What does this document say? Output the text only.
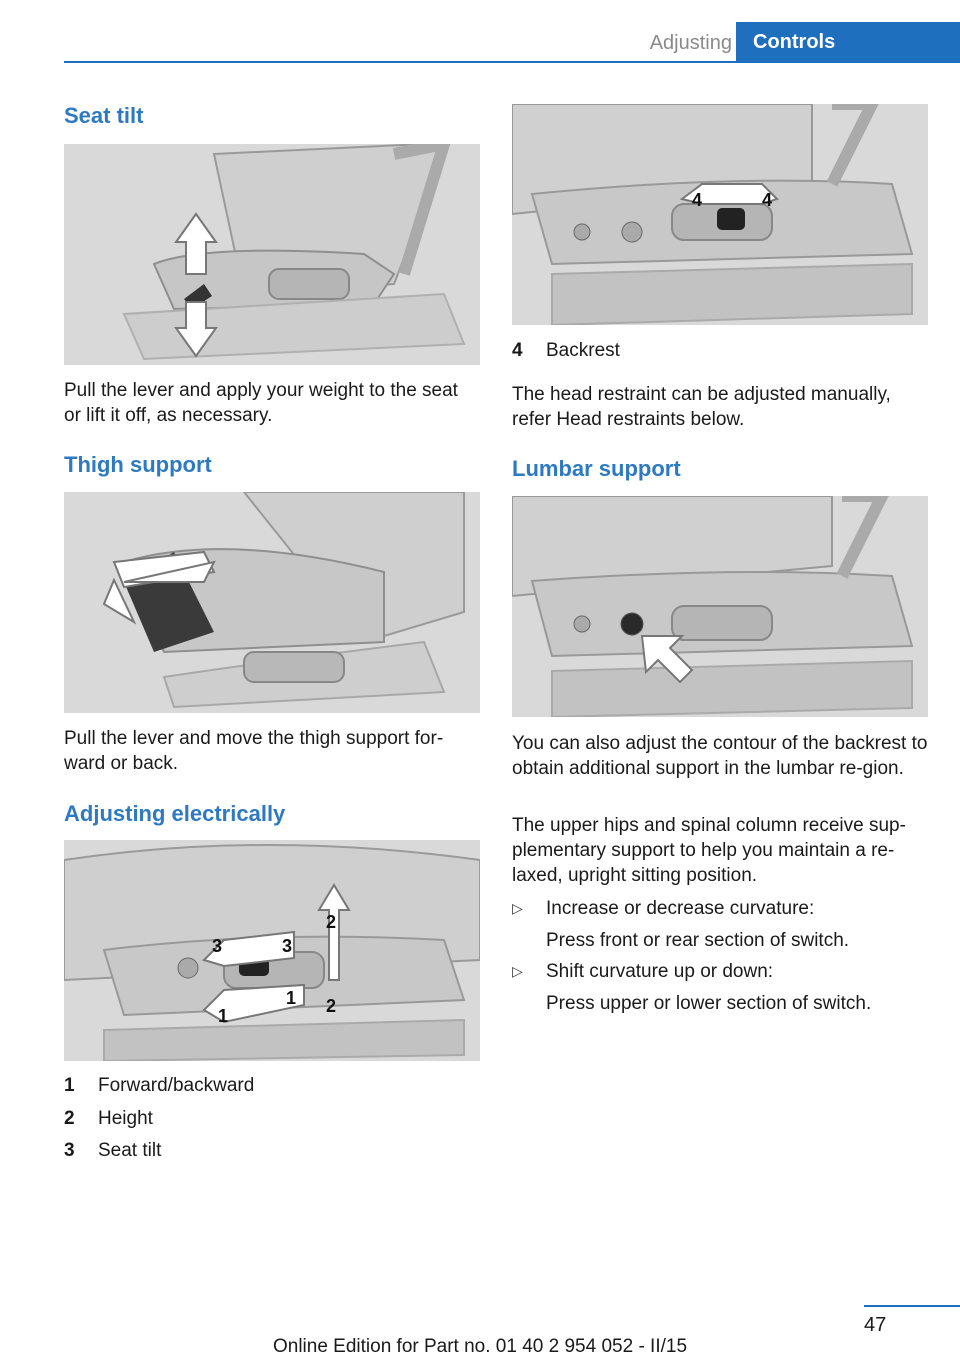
Adjusting	Controls
Seat tilt

Pull the lever and apply your weight to the seat or lift it off, as necessary.

Thigh support

Pull the lever and move the thigh support for-ward or back.

Adjusting electrically
1
1
2
2
3	3
1 Forward/backward
2 Height
3 Seat tilt
4	4
4 Backrest

The head restraint can be adjusted manually, refer Head restraints below.

Lumbar support

You can also adjust the contour of the backrest to obtain additional support in the lumbar re-gion.

The upper hips and spinal column receive sup-plementary support to help you maintain a re-laxed, upright sitting position.

▷ Increase or decrease curvature:
Press front or rear section of switch.
▷ Shift curvature up or down:
Press upper or lower section of switch.
47
Online Edition for Part no. 01 40 2 954 052 - II/15
